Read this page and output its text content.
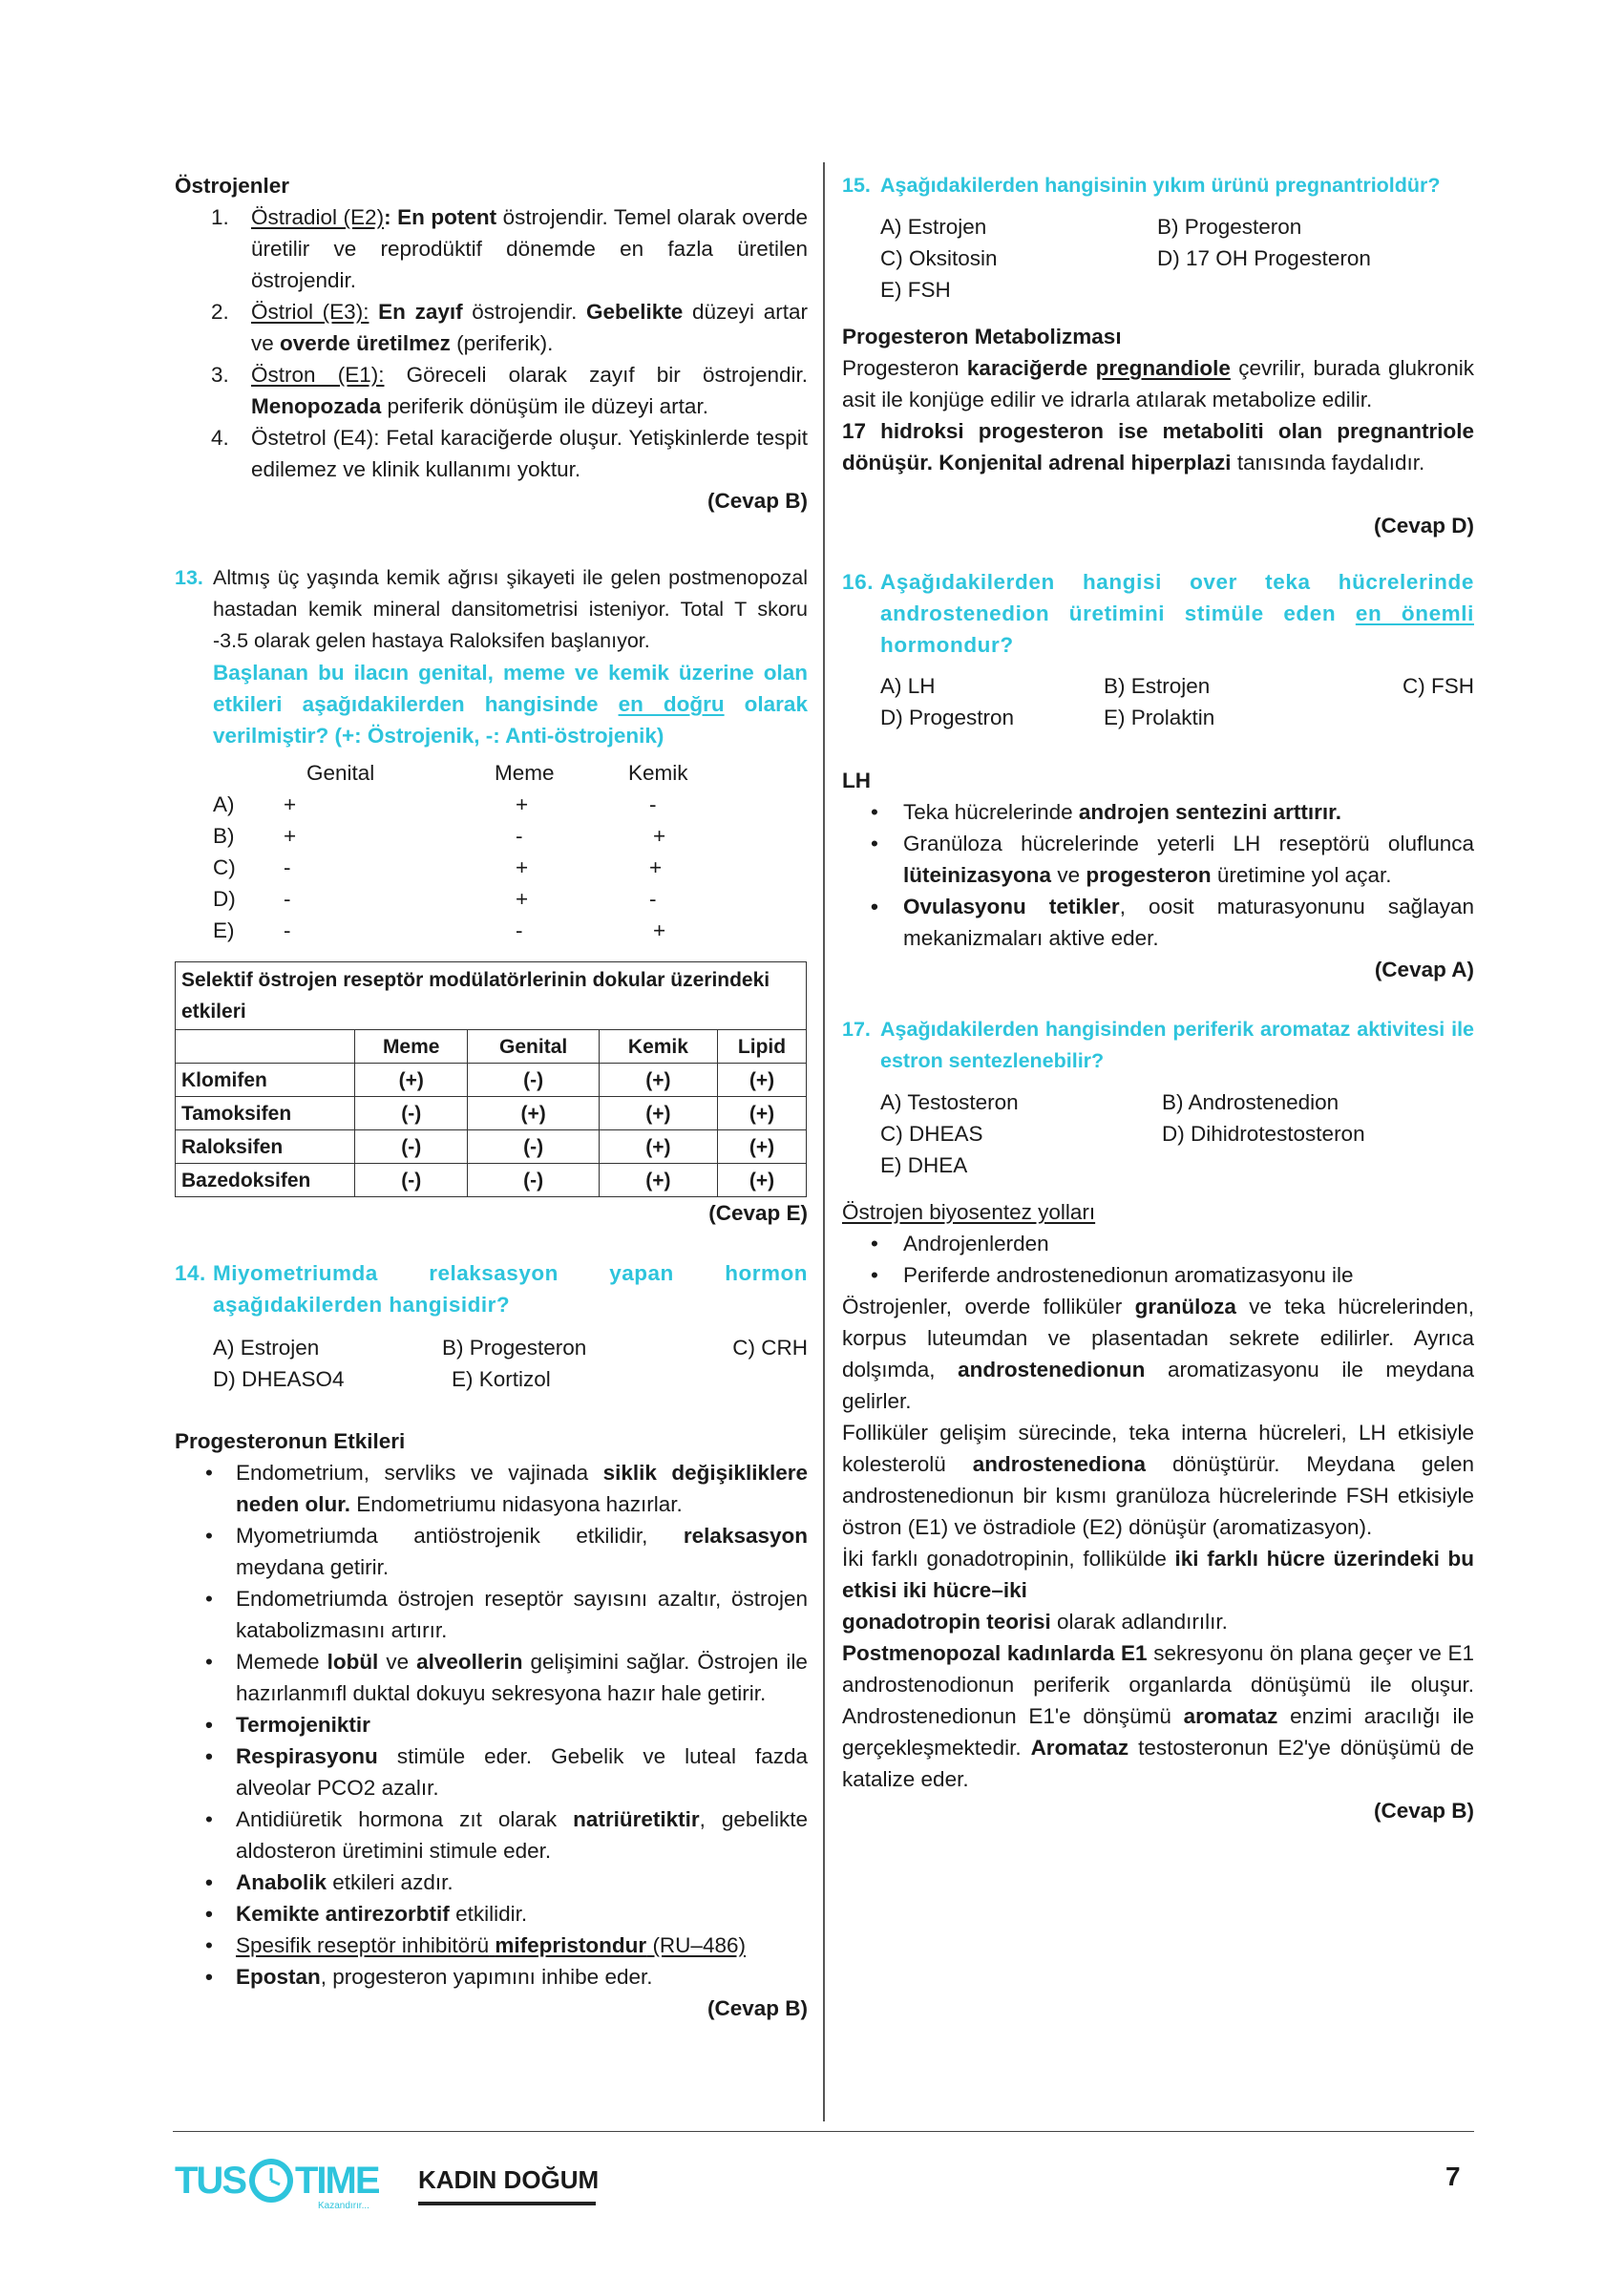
Östrojenler

1. Östradiol (E2): En potent östrojendir. Temel olarak overde üretilir ve reprodüktif dönemde en fazla üretilen östrojendir.
2. Östriol (E3): En zayıf östrojendir. Gebelikte düzeyi artar ve overde üretilmez (periferik).
3. Östron (E1): Göreceli olarak zayıf bir östrojendir. Menopozada periferik dönüşüm ile düzeyi artar.
4. Östetrol (E4): Fetal karaciğerde oluşur. Yetişkinlerde tespit edilemez ve klinik kullanımı yoktur.

(Cevap B)

13. Altmış üç yaşında kemik ağrısı şikayeti ile gelen postmenopozal hastadan kemik mineral dansitometrisi isteniyor. Total T skoru -3.5 olarak gelen hastaya Raloksifen başlanıyor.
Başlanan bu ilacın genital, meme ve kemik üzerine olan etkileri aşağıdakilerden hangisinde en doğru olarak verilmiştir? (+: Östrojenik, -: Anti-östrojenik)
	Genital	Meme	Kemik
A)	+	+	-
B)	+	-	+
C)	-	+	+
D)	-	+	-
E)	-	-	+
Selektif östrojen reseptör modülatörlerinin dokular üzerindeki etkileri				
	Meme	Genital	Kemik	Lipid
Klomifen	(+)	(-)	(+)	(+)
Tamoksifen	(-)	(+)	(+)	(+)
Raloksifen	(-)	(-)	(+)	(+)
Bazedoksifen	(-)	(-)	(+)	(+)

(Cevap E)

14. Miyometriumda relaksasyon yapan hormon aşağıdakilerden hangisidir?
A) Estrojen	B) Progesteron	C) CRH
D) DHEASO4	E) Kortizol

Progesteronun Etkileri

• Endometrium, servliks ve vajinada siklik değişikliklere neden olur. Endometriumu nidasyona hazırlar.
• Myometriumda antiöstrojenik etkilidir, relaksasyon meydana getirir.
• Endometriumda östrojen reseptör sayısını azaltır, östrojen katabolizmasını artırır.
• Memede lobül ve alveollerin gelişimini sağlar. Östrojen ile hazırlanmıfl duktal dokuyu sekresyona hazır hale getirir.
• Termojeniktir
• Respirasyonu stimüle eder. Gebelik ve luteal fazda alveolar PCO2 azalır.
• Antidiüretik hormona zıt olarak natriüretiktir, gebelikte aldosteron üretimini stimule eder.
• Anabolik etkileri azdır.
• Kemikte antirezorbtif etkilidir.
• Spesifik reseptör inhibitörü mifepristondur (RU–486)
• Epostan, progesteron yapımını inhibe eder.

(Cevap B)

15. Aşağıdakilerden hangisinin yıkım ürünü pregnantrioldür?
A) Estrojen	B) Progesteron
C) Oksitosin	D) 17 OH Progesteron
E) FSH

Progesteron Metabolizması

Progesteron karaciğerde pregnandiole çevrilir, burada glukronik asit ile konjüge edilir ve idrarla atılarak metabolize edilir.

17 hidroksi progesteron ise metaboliti olan pregnantriole dönüşür. Konjenital adrenal hiperplazi tanısında faydalıdır.

(Cevap D)

16. Aşağıdakilerden hangisi over teka hücrelerinde androstenedion üretimini stimüle eden en önemli hormondur?
A) LH	B) Estrojen	C) FSH
D) Progestron	E) Prolaktin

LH

• Teka hücrelerinde androjen sentezini arttırır.
• Granüloza hücrelerinde yeterli LH reseptörü oluflunca lüteinizasyona ve progesteron üretimine yol açar.
• Ovulasyonu tetikler, oosit maturasyonunu sağlayan mekanizmaları aktive eder.

(Cevap A)

17. Aşağıdakilerden hangisinden periferik aromataz aktivitesi ile estron sentezlenebilir?
A) Testosteron	B) Androstenedion
C) DHEAS	D) Dihidrotestosteron
E) DHEA

Östrojen biyosentez yolları

• Androjenlerden
• Periferde androstenedionun aromatizasyonu ile

Östrojenler, overde folliküler granüloza ve teka hücrelerinden, korpus luteumdan ve plasentadan sekrete edilirler. Ayrıca dolşımda, androstenedionun aromatizasyonu ile meydana gelirler.

Folliküler gelişim sürecinde, teka interna hücreleri, LH etkisiyle kolesterolü androstenediona dönüştürür. Meydana gelen androstenedionun bir kısmı granüloza hücrelerinde FSH etkisiyle östron (E1) ve östradiole (E2) dönüşür (aromatizasyon).

İki farklı gonadotropinin, follikülde iki farklı hücre üzerindeki bu etkisi iki hücre–iki

gonadotropin teorisi olarak adlandırılır.

Postmenopozal kadınlarda E1 sekresyonu ön plana geçer ve E1 androstenodionun periferik organlarda dönüşümü ile oluşur. Androstenedionun E1'e dönşümü aromataz enzimi aracılığı ile gerçekleşmektedir. Aromataz testosteronun E2'ye dönüşümü de katalize eder.

(Cevap B)

TUS TIME
Kazandırır...
KADIN DOĞUM	7
